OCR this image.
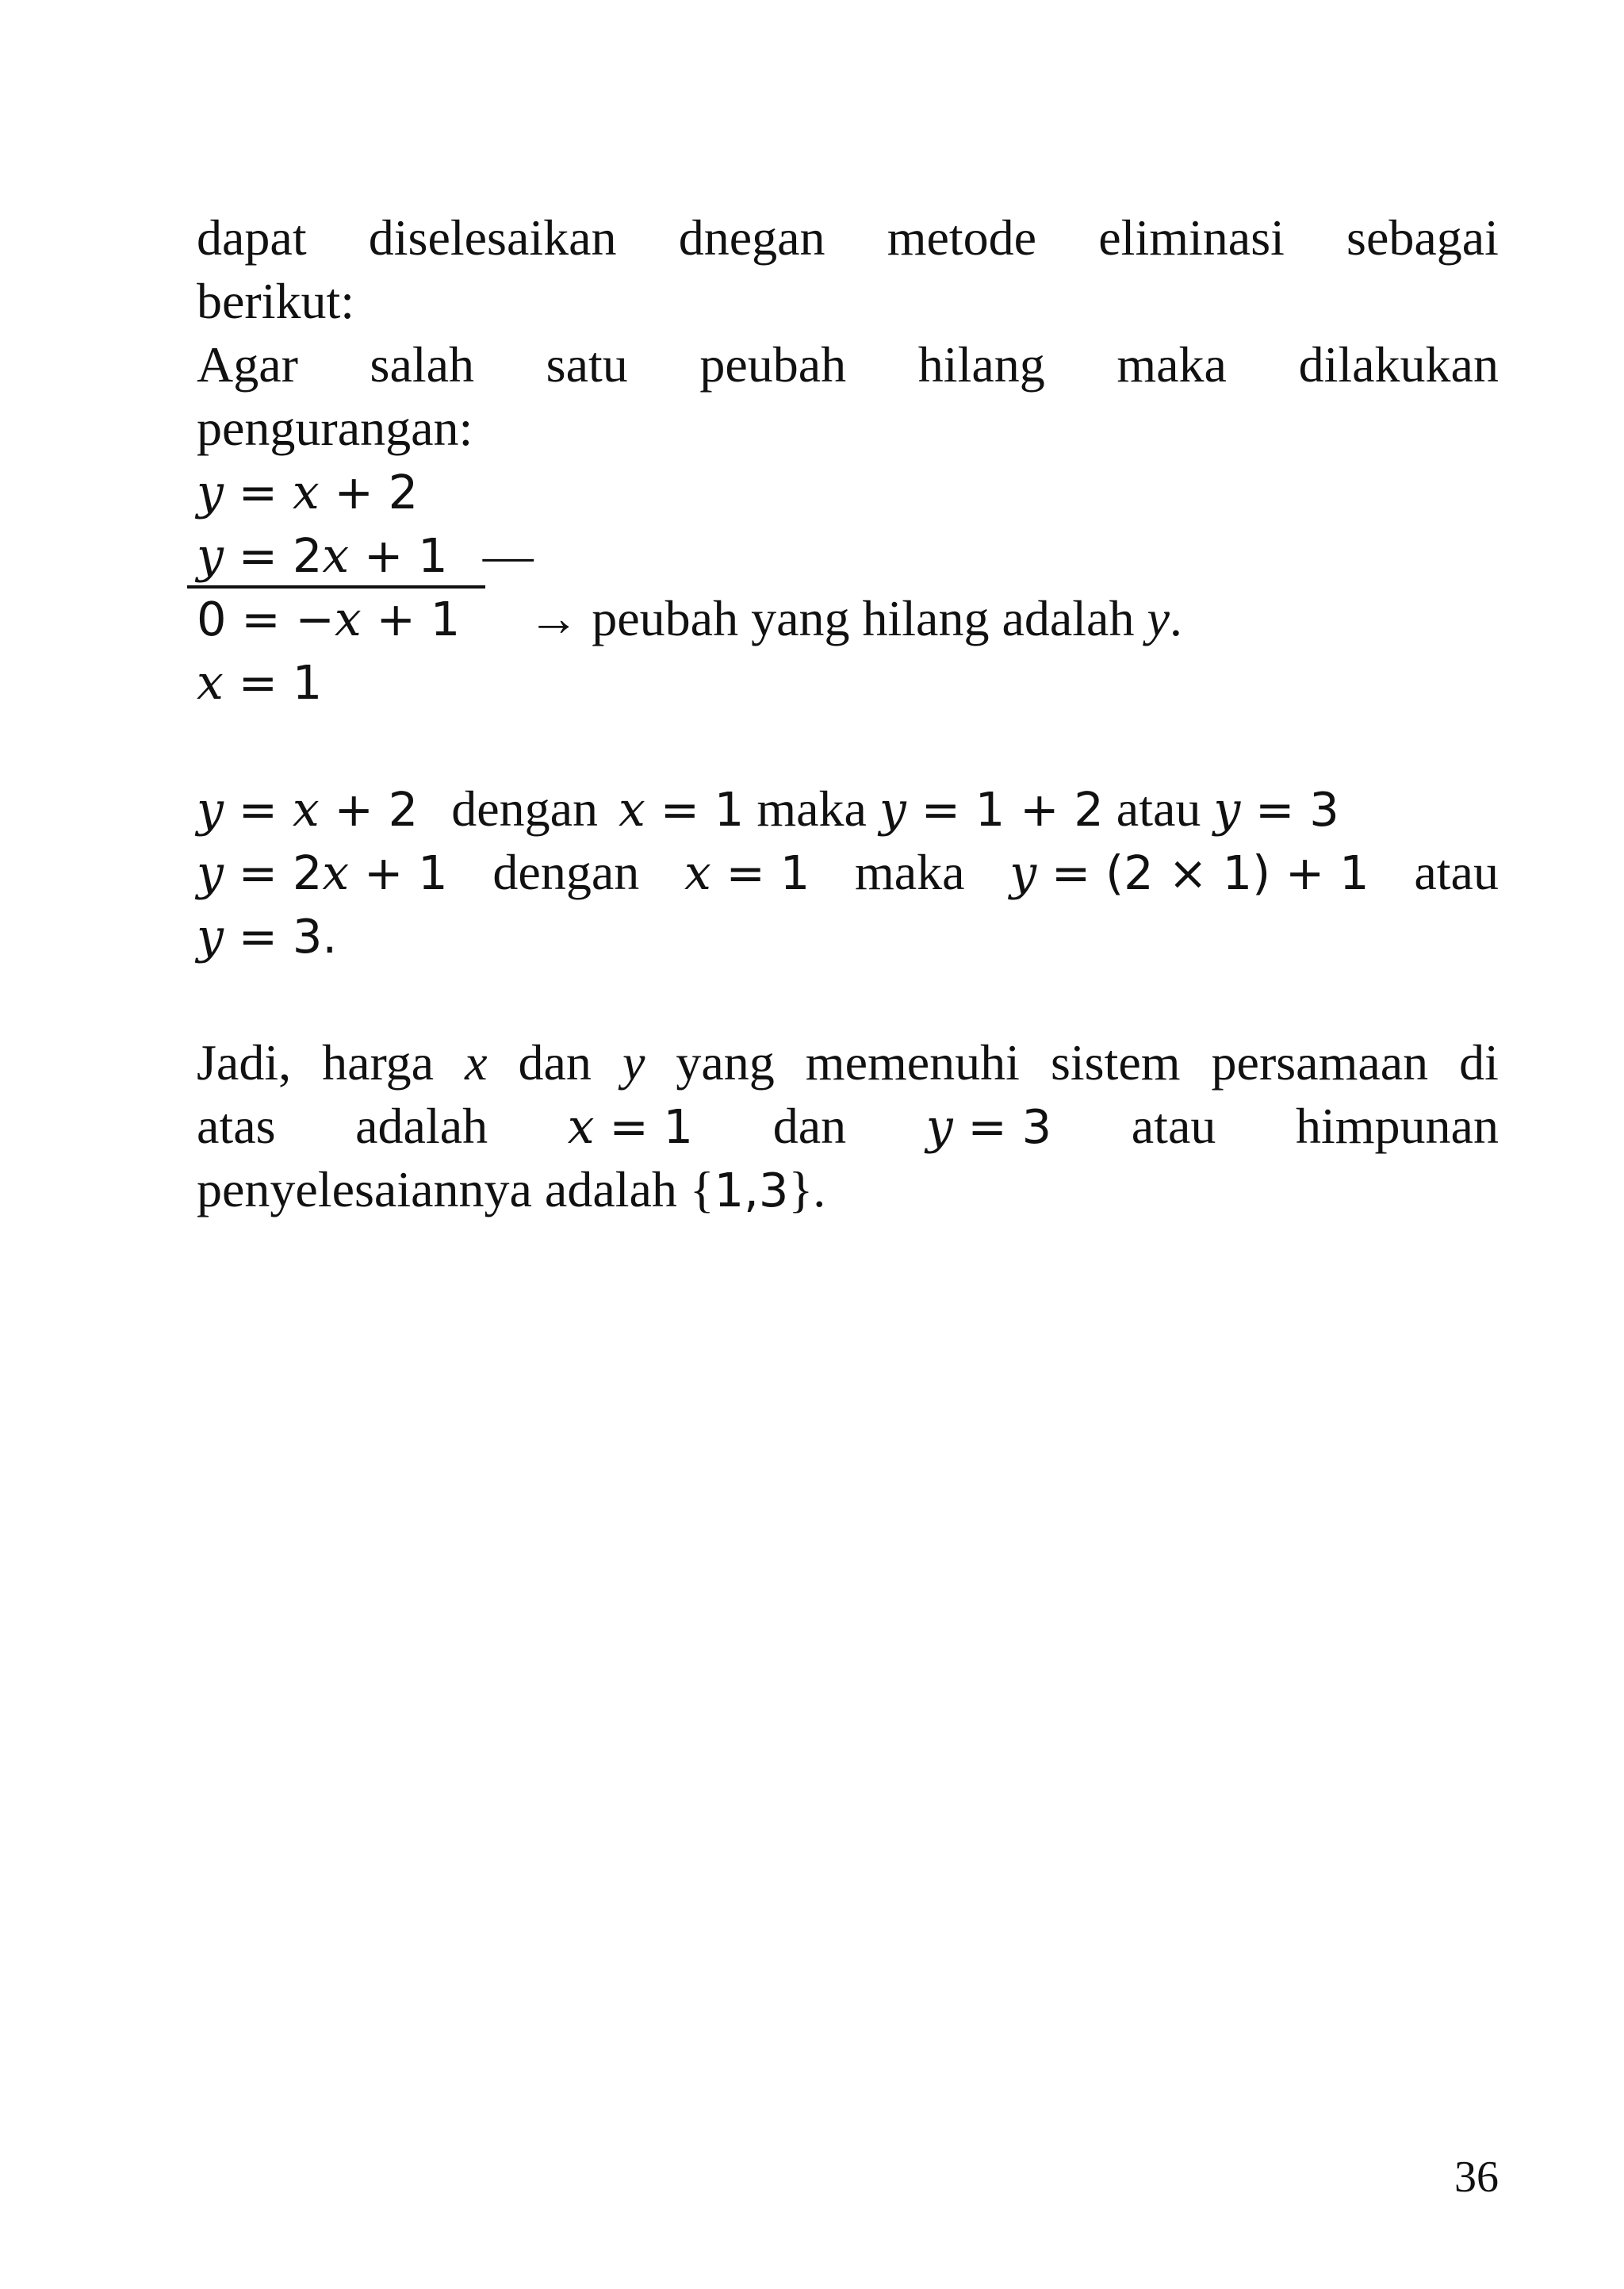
dapat diselesaikan dnegan metode eliminasi sebagai
berikut:
Agar salah satu peubah hilang maka dilakukan
pengurangan:
y = x + 2
y = 2x + 1 —
0 = −x + 1 → peubah yang hilang adalah y.
x = 1
y = x + 2 dengan x = 1 maka y = 1 + 2 atau y = 3
y = 2x + 1 dengan x = 1 maka y = (2 × 1) + 1 atau
y = 3.
Jadi, harga x dan y yang memenuhi sistem persamaan di
atas adalah x = 1 dan y = 3 atau himpunan
penyelesaiannya adalah {1,3}.
36
